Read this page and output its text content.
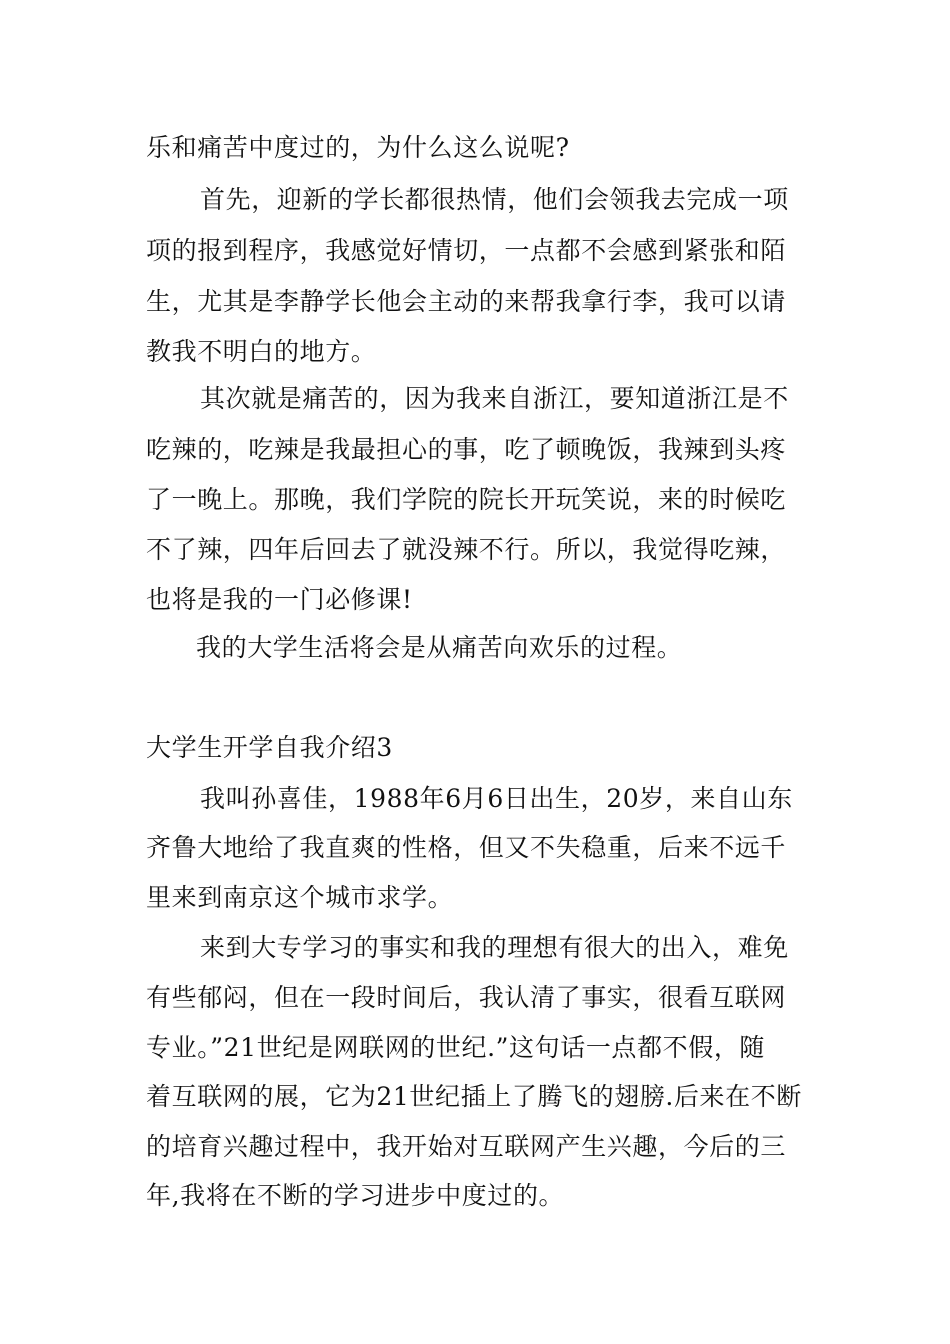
乐和痛苦中度过的，为什么这么说呢?
首先，迎新的学长都很热情，他们会领我去完成一项
项的报到程序，我感觉好情切，一点都不会感到紧张和陌
生，尤其是李静学长他会主动的来帮我拿行李，我可以请
教我不明白的地方。
其次就是痛苦的，因为我来自浙江，要知道浙江是不
吃辣的，吃辣是我最担心的事，吃了顿晚饭，我辣到头疼
了一晚上。那晚，我们学院的院长开玩笑说，来的时候吃
不了辣，四年后回去了就没辣不行。所以，我觉得吃辣，
也将是我的一门必修课!
我的大学生活将会是从痛苦向欢乐的过程。
大学生开学自我介绍3
我叫孙喜佳，1988年6月6日出生，20岁，来自山东
齐鲁大地给了我直爽的性格，但又不失稳重，后来不远千
里来到南京这个城市求学。
来到大专学习的事实和我的理想有很大的出入，难免
有些郁闷，但在一段时间后，我认清了事实，很看互联网
专业。”21世纪是网联网的世纪.”这句话一点都不假，随
着互联网的展，它为21世纪插上了腾飞的翅膀.后来在不断
的培育兴趣过程中，我开始对互联网产生兴趣，今后的三
年,我将在不断的学习进步中度过的。
